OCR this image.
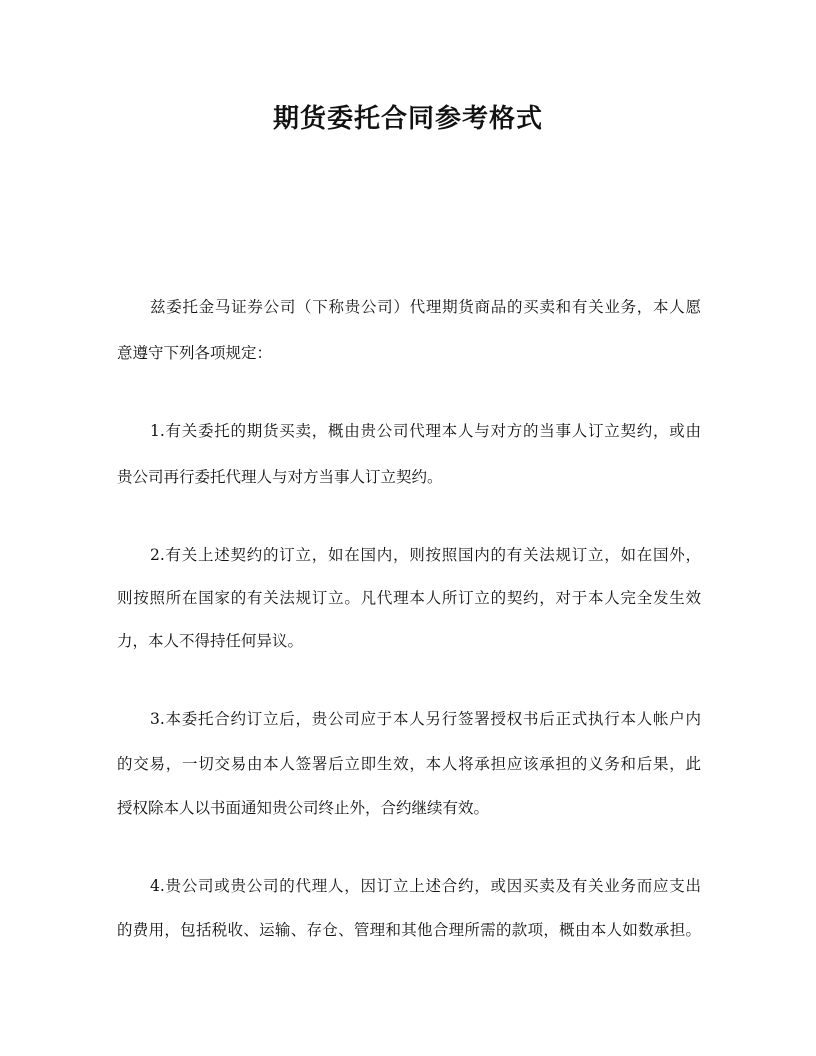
期货委托合同参考格式
兹委托金马证券公司（下称贵公司）代理期货商品的买卖和有关业务，本人愿
意遵守下列各项规定：
1.有关委托的期货买卖，概由贵公司代理本人与对方的当事人订立契约，或由
贵公司再行委托代理人与对方当事人订立契约。
2.有关上述契约的订立，如在国内，则按照国内的有关法规订立，如在国外，
则按照所在国家的有关法规订立。凡代理本人所订立的契约，对于本人完全发生效
力，本人不得持任何异议。
3.本委托合约订立后，贵公司应于本人另行签署授权书后正式执行本人帐户内
的交易，一切交易由本人签署后立即生效，本人将承担应该承担的义务和后果，此
授权除本人以书面通知贵公司终止外，合约继续有效。
4.贵公司或贵公司的代理人，因订立上述合约，或因买卖及有关业务而应支出
的费用，包括税收、运输、存仓、管理和其他合理所需的款项，概由本人如数承担。
